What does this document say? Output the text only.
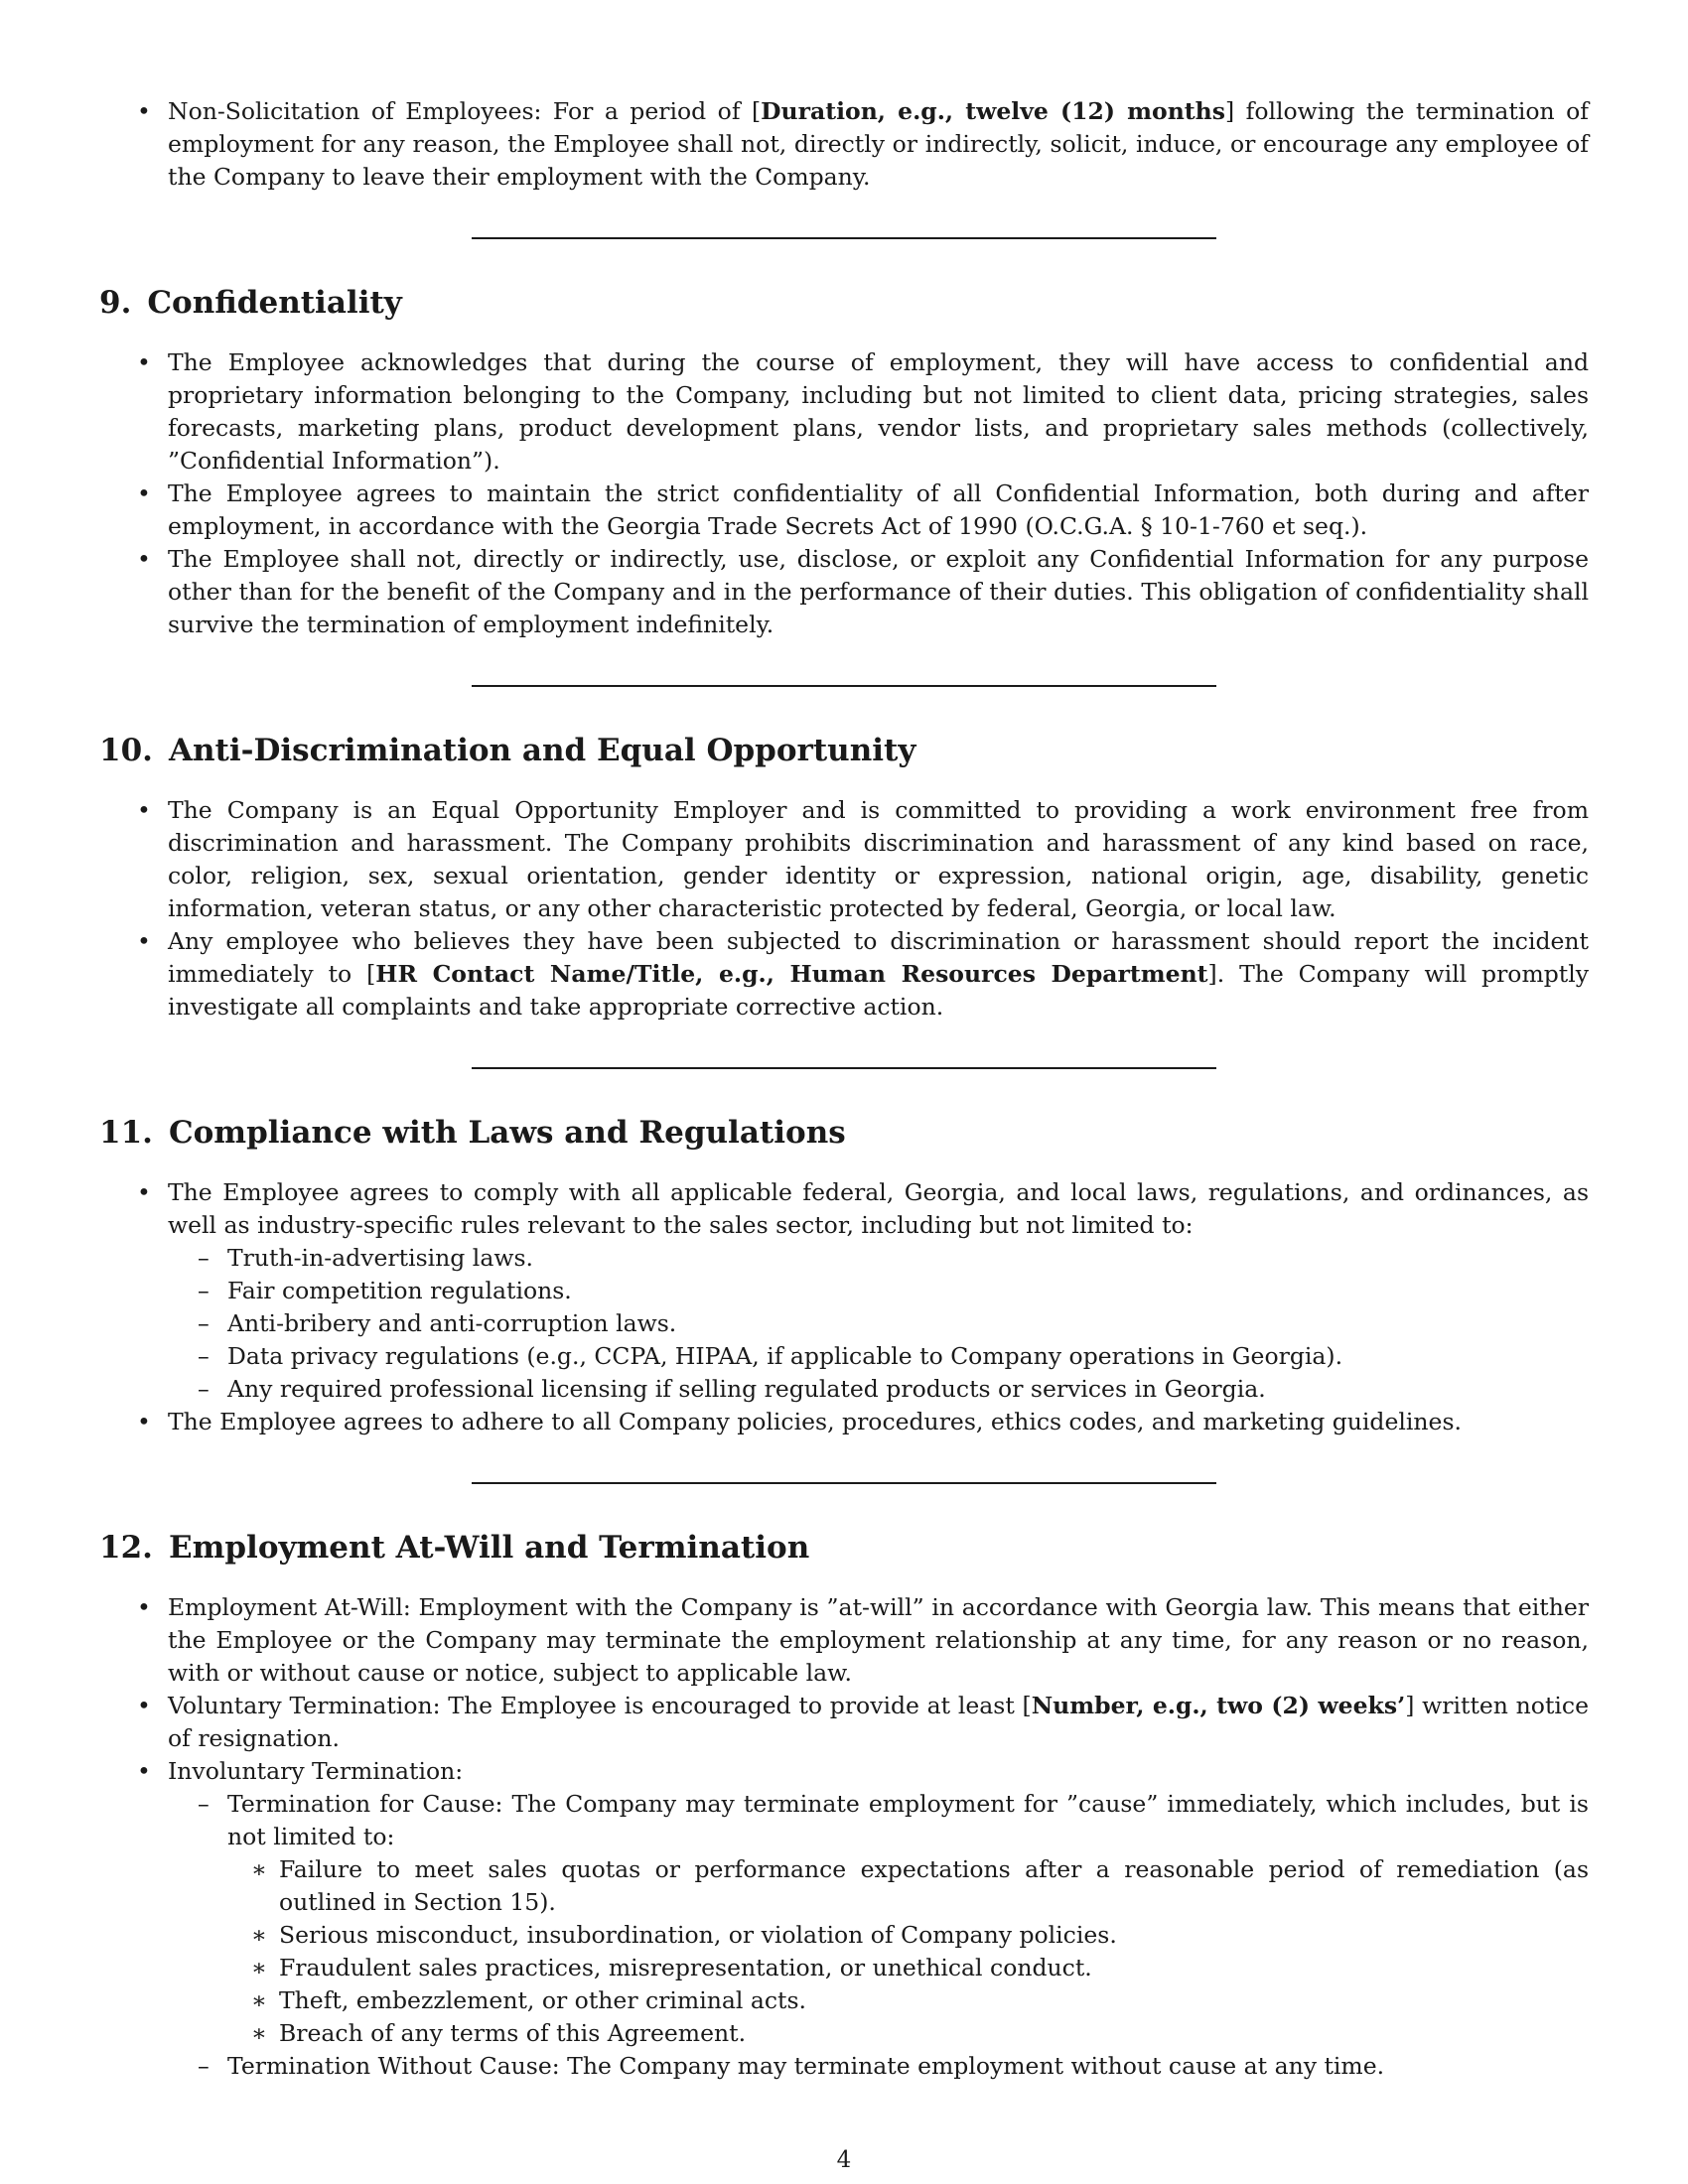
• Non-Solicitation of Employees: For a period of [Duration, e.g., twelve (12) months] following the termination of employment for any reason, the Employee shall not, directly or indirectly, solicit, induce, or encourage any employee of the Company to leave their employment with the Company.
9. Confidentiality
• The Employee acknowledges that during the course of employment, they will have access to confidential and proprietary information belonging to the Company, including but not limited to client data, pricing strategies, sales forecasts, marketing plans, product development plans, vendor lists, and proprietary sales methods (collectively, ”Confidential Information”).
• The Employee agrees to maintain the strict confidentiality of all Confidential Information, both during and after employment, in accordance with the Georgia Trade Secrets Act of 1990 (O.C.G.A. § 10-1-760 et seq.).
• The Employee shall not, directly or indirectly, use, disclose, or exploit any Confidential Information for any purpose other than for the benefit of the Company and in the performance of their duties. This obligation of confidentiality shall survive the termination of employment indefinitely.
10. Anti-Discrimination and Equal Opportunity
• The Company is an Equal Opportunity Employer and is committed to providing a work environment free from discrimination and harassment. The Company prohibits discrimination and harassment of any kind based on race, color, religion, sex, sexual orientation, gender identity or expression, national origin, age, disability, genetic information, veteran status, or any other characteristic protected by federal, Georgia, or local law.
• Any employee who believes they have been subjected to discrimination or harassment should report the incident immediately to [HR Contact Name/Title, e.g., Human Resources Department]. The Company will promptly investigate all complaints and take appropriate corrective action.
11. Compliance with Laws and Regulations
• The Employee agrees to comply with all applicable federal, Georgia, and local laws, regulations, and ordinances, as well as industry-specific rules relevant to the sales sector, including but not limited to:
– Truth-in-advertising laws.
– Fair competition regulations.
– Anti-bribery and anti-corruption laws.
– Data privacy regulations (e.g., CCPA, HIPAA, if applicable to Company operations in Georgia).
– Any required professional licensing if selling regulated products or services in Georgia.
• The Employee agrees to adhere to all Company policies, procedures, ethics codes, and marketing guidelines.
12. Employment At-Will and Termination
• Employment At-Will: Employment with the Company is ”at-will” in accordance with Georgia law. This means that either the Employee or the Company may terminate the employment relationship at any time, for any reason or no reason, with or without cause or notice, subject to applicable law.
• Voluntary Termination: The Employee is encouraged to provide at least [Number, e.g., two (2) weeks’] written notice of resignation.
• Involuntary Termination:
– Termination for Cause: The Company may terminate employment for ”cause” immediately, which includes, but is not limited to:
∗ Failure to meet sales quotas or performance expectations after a reasonable period of remediation (as outlined in Section 15).
∗ Serious misconduct, insubordination, or violation of Company policies.
∗ Fraudulent sales practices, misrepresentation, or unethical conduct.
∗ Theft, embezzlement, or other criminal acts.
∗ Breach of any terms of this Agreement.
– Termination Without Cause: The Company may terminate employment without cause at any time.
4
